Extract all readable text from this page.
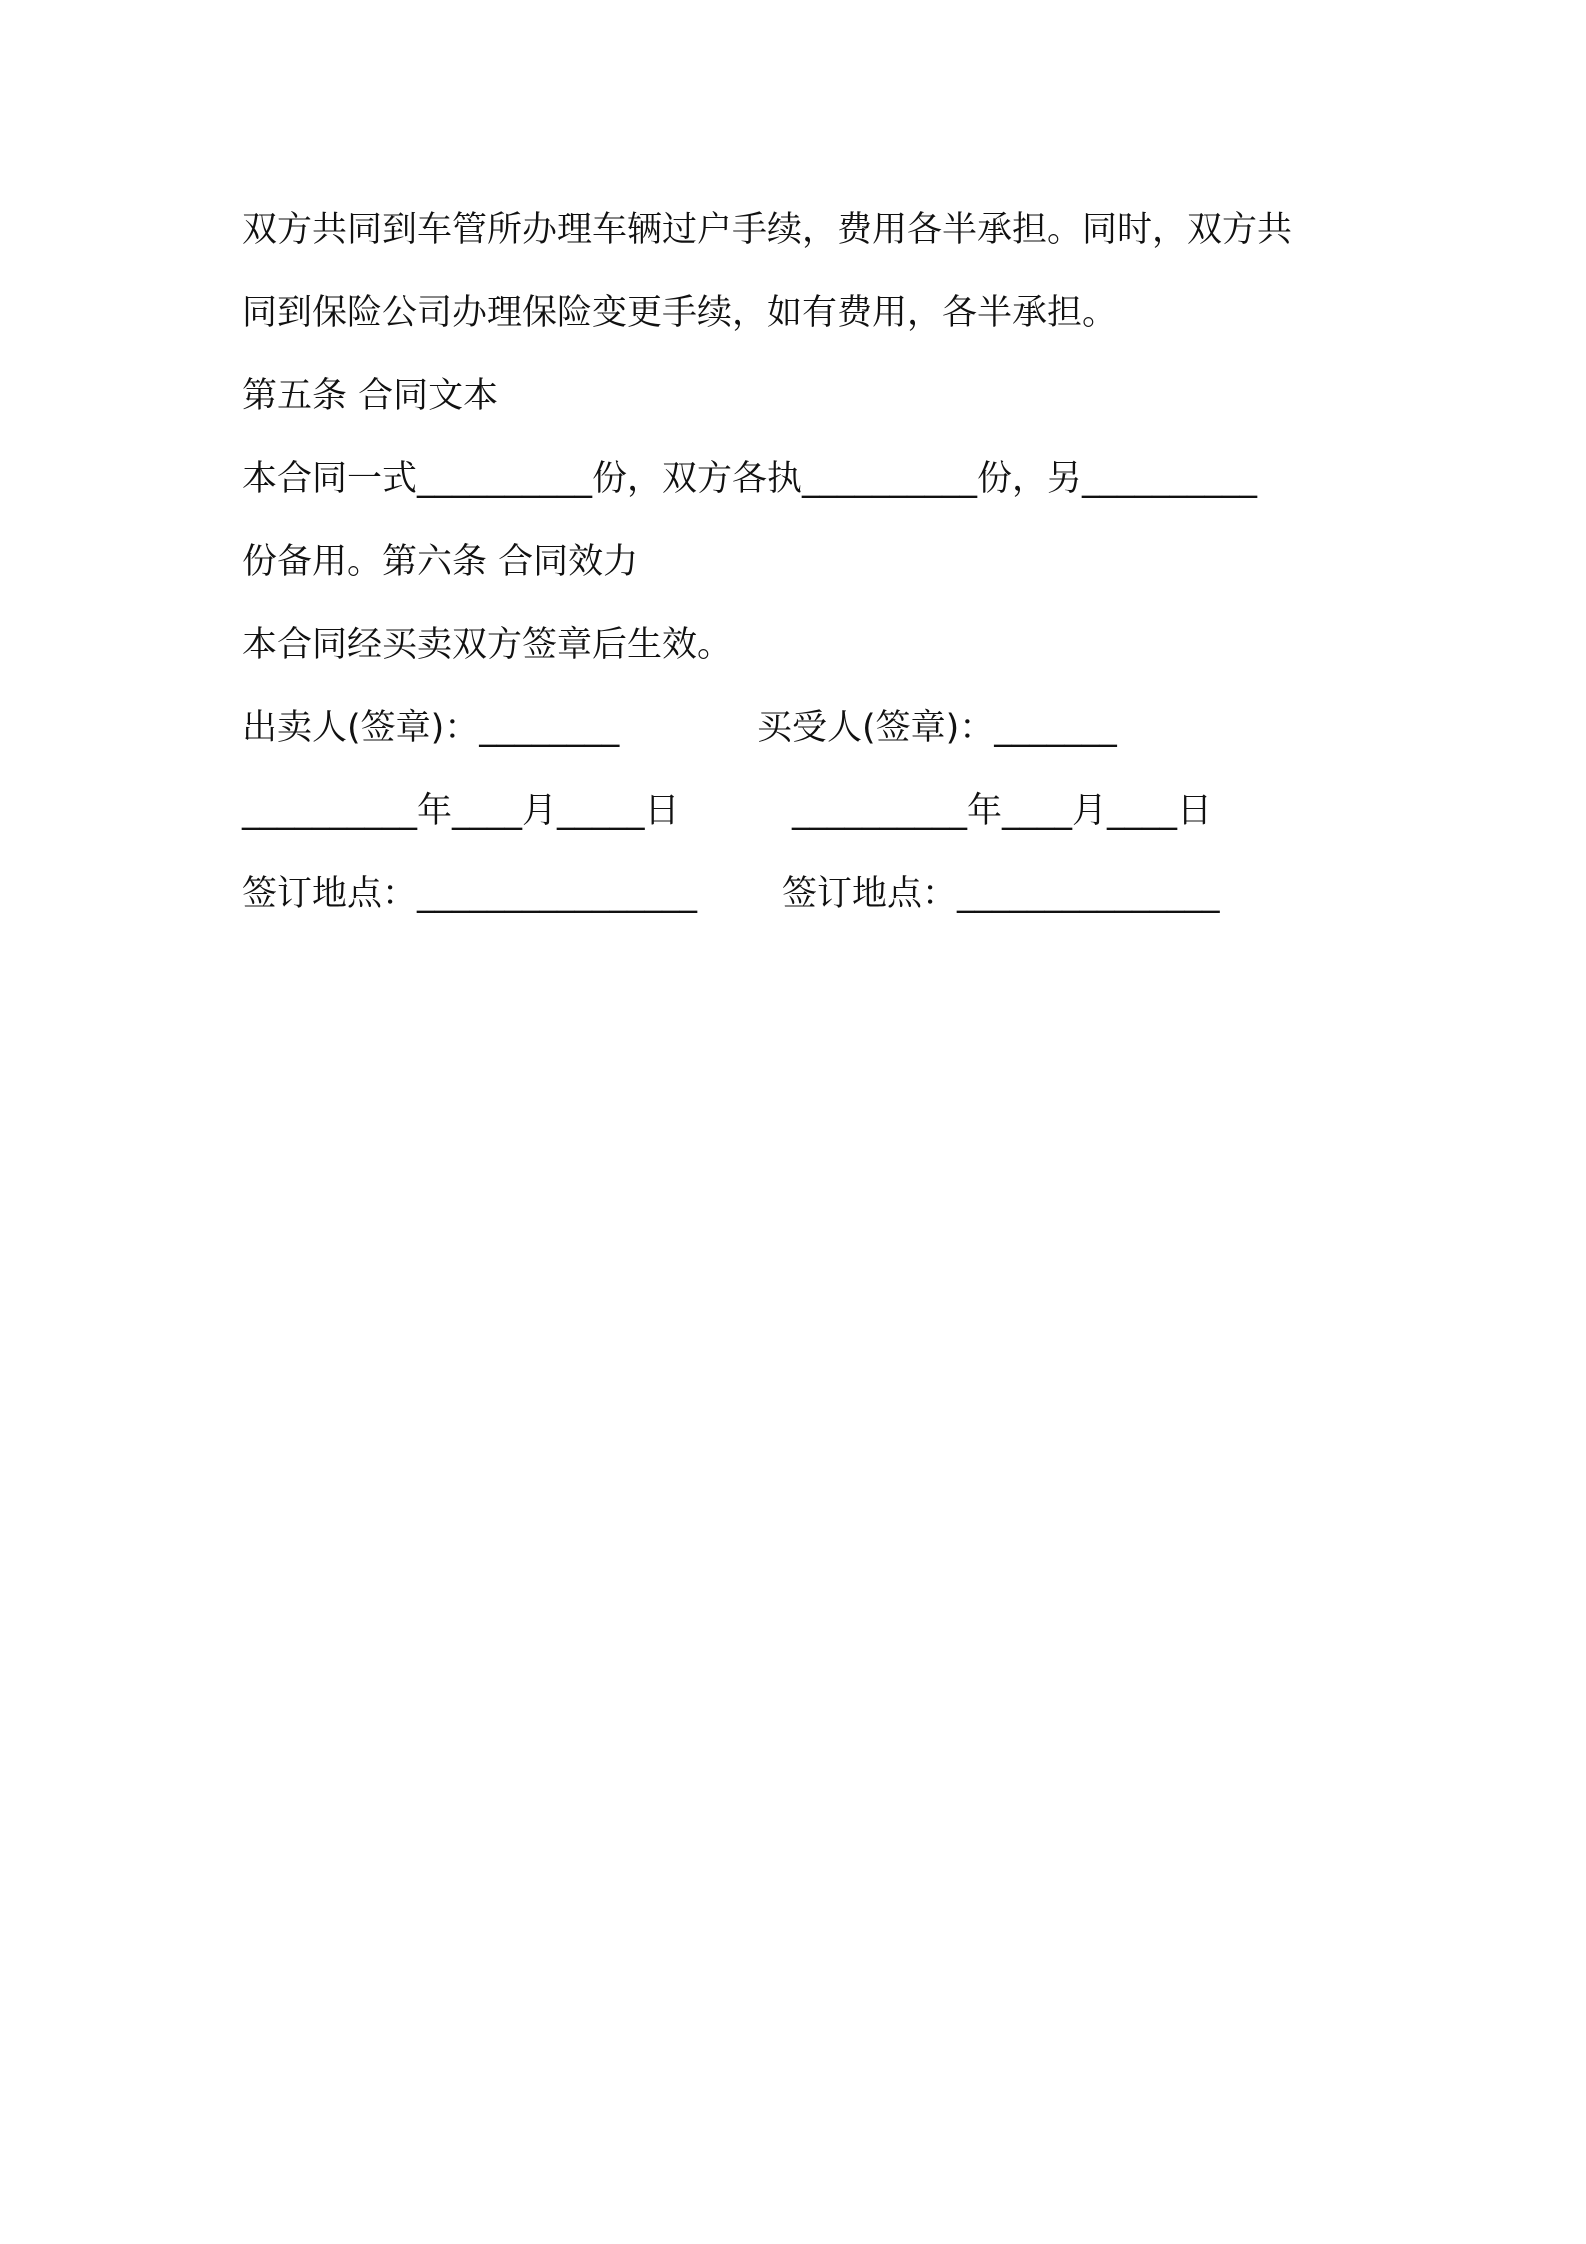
双方共同到车管所办理车辆过户手续，费用各半承担。同时，双方共
同到保险公司办理保险变更手续，如有费用，各半承担。
第五条 合同文本
本合同一式__________份，双方各执__________份，另__________
份备用。第六条 合同效力
本合同经买卖双方签章后生效。
出卖人(签章)：________	买受人(签章)：_______
__________年____月_____日	__________年____月____日
签订地点：________________ 签订地点：_______________
